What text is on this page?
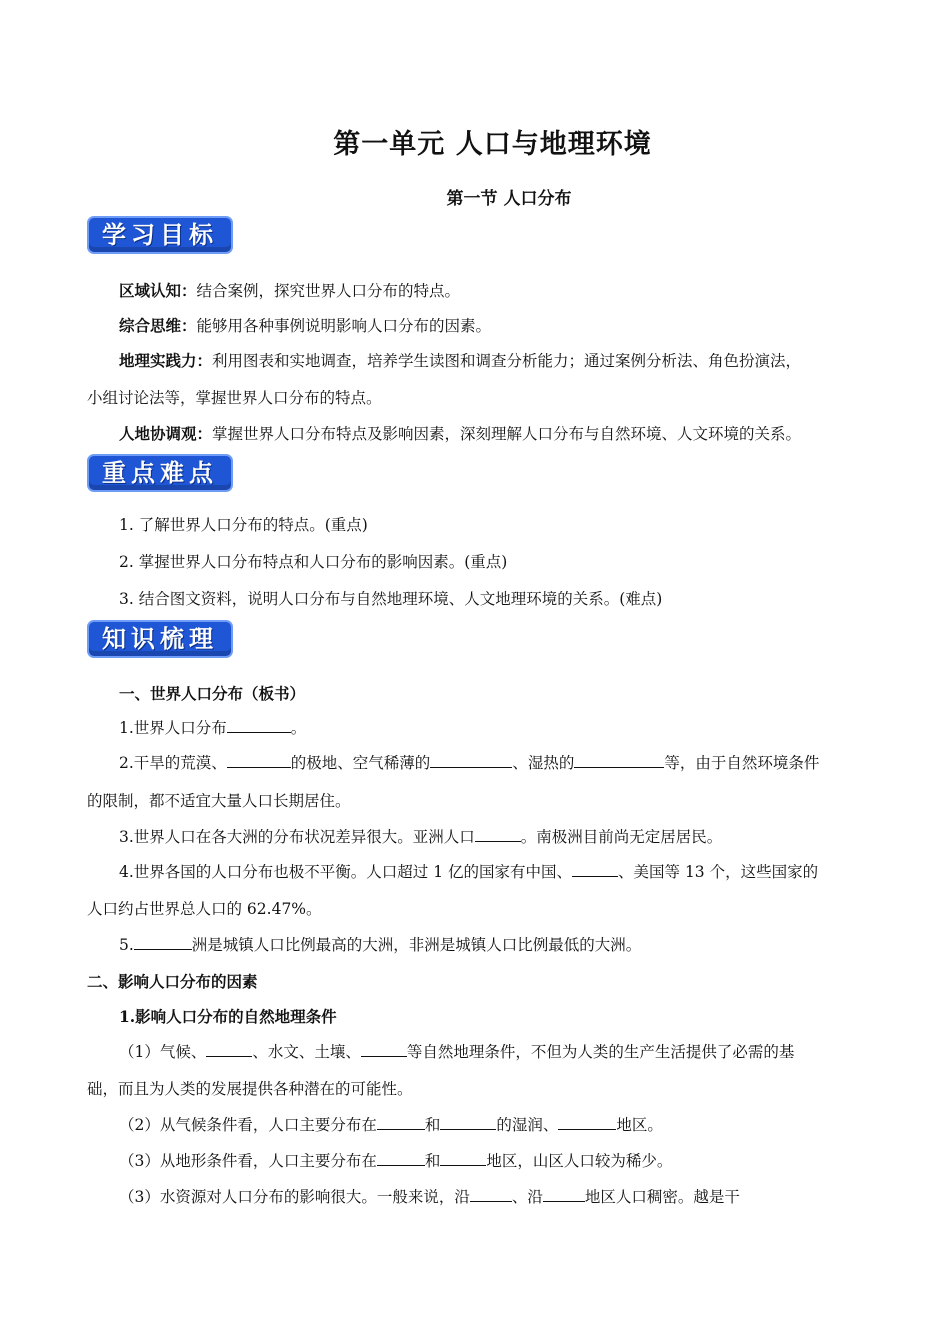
第一单元 人口与地理环境
第一节 人口分布
学习目标
区域认知：结合案例，探究世界人口分布的特点。
综合思维：能够用各种事例说明影响人口分布的因素。
地理实践力：利用图表和实地调查，培养学生读图和调查分析能力；通过案例分析法、角色扮演法，
小组讨论法等，掌握世界人口分布的特点。
人地协调观：掌握世界人口分布特点及影响因素，深刻理解人口分布与自然环境、人文环境的关系。
重点难点
1. 了解世界人口分布的特点。(重点)
2. 掌握世界人口分布特点和人口分布的影响因素。(重点)
3. 结合图文资料，说明人口分布与自然地理环境、人文地理环境的关系。(难点)
知识梳理
一、世界人口分布（板书）
1.世界人口分布	。
2.干旱的荒漠、	的极地、空气稀薄的	、湿热的	等，由于自然环境条件
的限制，都不适宜大量人口长期居住。
3.世界人口在各大洲的分布状况差异很大。亚洲人口	。南极洲目前尚无定居居民。
4.世界各国的人口分布也极不平衡。人口超过 1 亿的国家有中国、	、美国等 13 个，这些国家的
人口约占世界总人口的 62.47%。
5.	洲是城镇人口比例最高的大洲，非洲是城镇人口比例最低的大洲。
二、影响人口分布的因素
1.影响人口分布的自然地理条件
（1）气候、	、水文、土壤、	等自然地理条件，不但为人类的生产生活提供了必需的基
础，而且为人类的发展提供各种潜在的可能性。
（2）从气候条件看，人口主要分布在	和	的湿润、	地区。
（3）从地形条件看，人口主要分布在	和	地区，山区人口较为稀少。
（3）水资源对人口分布的影响很大。一般来说，沿	、沿	地区人口稠密。越是干
